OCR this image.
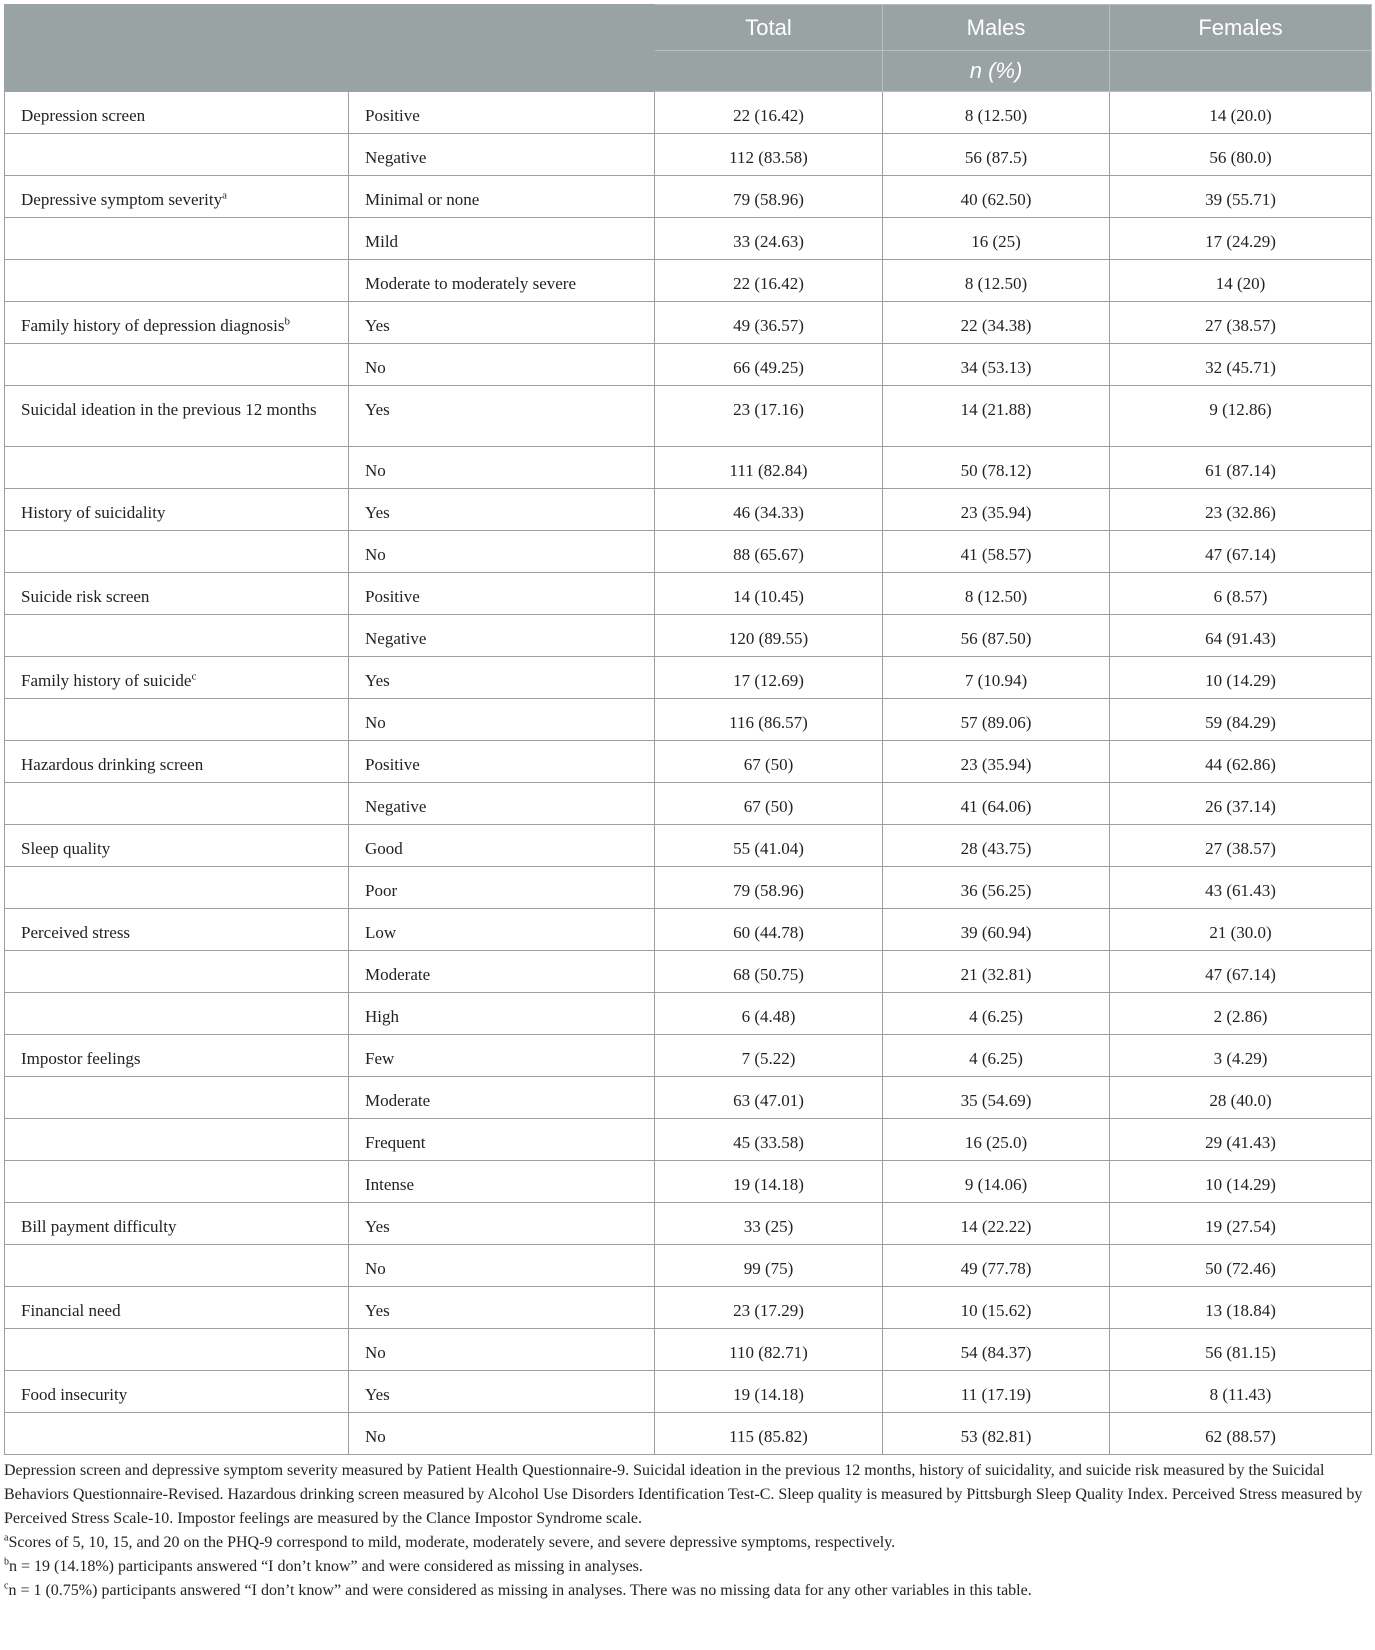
		Total	Males	Females
			n (%)	
Depression screen	Positive	22 (16.42)	8 (12.50)	14 (20.0)
	Negative	112 (83.58)	56 (87.5)	56 (80.0)
Depressive symptom severity$^a$	Minimal or none	79 (58.96)	40 (62.50)	39 (55.71)
	Mild	33 (24.63)	16 (25)	17 (24.29)
	Moderate to moderately severe	22 (16.42)	8 (12.50)	14 (20)
Family history of depression diagnosis$^b$	Yes	49 (36.57)	22 (34.38)	27 (38.57)
	No	66 (49.25)	34 (53.13)	32 (45.71)
Suicidal ideation in the previous 12 months	Yes	23 (17.16)	14 (21.88)	9 (12.86)
	No	111 (82.84)	50 (78.12)	61 (87.14)
History of suicidality	Yes	46 (34.33)	23 (35.94)	23 (32.86)
	No	88 (65.67)	41 (58.57)	47 (67.14)
Suicide risk screen	Positive	14 (10.45)	8 (12.50)	6 (8.57)
	Negative	120 (89.55)	56 (87.50)	64 (91.43)
Family history of suicide$^c$	Yes	17 (12.69)	7 (10.94)	10 (14.29)
	No	116 (86.57)	57 (89.06)	59 (84.29)
Hazardous drinking screen	Positive	67 (50)	23 (35.94)	44 (62.86)
	Negative	67 (50)	41 (64.06)	26 (37.14)
Sleep quality	Good	55 (41.04)	28 (43.75)	27 (38.57)
	Poor	79 (58.96)	36 (56.25)	43 (61.43)
Perceived stress	Low	60 (44.78)	39 (60.94)	21 (30.0)
	Moderate	68 (50.75)	21 (32.81)	47 (67.14)
	High	6 (4.48)	4 (6.25)	2 (2.86)
Impostor feelings	Few	7 (5.22)	4 (6.25)	3 (4.29)
	Moderate	63 (47.01)	35 (54.69)	28 (40.0)
	Frequent	45 (33.58)	16 (25.0)	29 (41.43)
	Intense	19 (14.18)	9 (14.06)	10 (14.29)
Bill payment difficulty	Yes	33 (25)	14 (22.22)	19 (27.54)
	No	99 (75)	49 (77.78)	50 (72.46)
Financial need	Yes	23 (17.29)	10 (15.62)	13 (18.84)
	No	110 (82.71)	54 (84.37)	56 (81.15)
Food insecurity	Yes	19 (14.18)	11 (17.19)	8 (11.43)
	No	115 (85.82)	53 (82.81)	62 (88.57)

Depression screen and depressive symptom severity measured by Patient Health Questionnaire-9. Suicidal ideation in the previous 12 months, history of suicidality, and suicide risk measured by the Suicidal Behaviors Questionnaire-Revised. Hazardous drinking screen measured by Alcohol Use Disorders Identification Test-C. Sleep quality is measured by Pittsburgh Sleep Quality Index. Perceived Stress measured by Perceived Stress Scale-10. Impostor feelings are measured by the Clance Impostor Syndrome scale.

$^a$Scores of 5, 10, 15, and 20 on the PHQ-9 correspond to mild, moderate, moderately severe, and severe depressive symptoms, respectively.

$^b$n = 19 (14.18%) participants answered “I don’t know” and were considered as missing in analyses.

$^c$n = 1 (0.75%) participants answered “I don’t know” and were considered as missing in analyses. There was no missing data for any other variables in this table.
